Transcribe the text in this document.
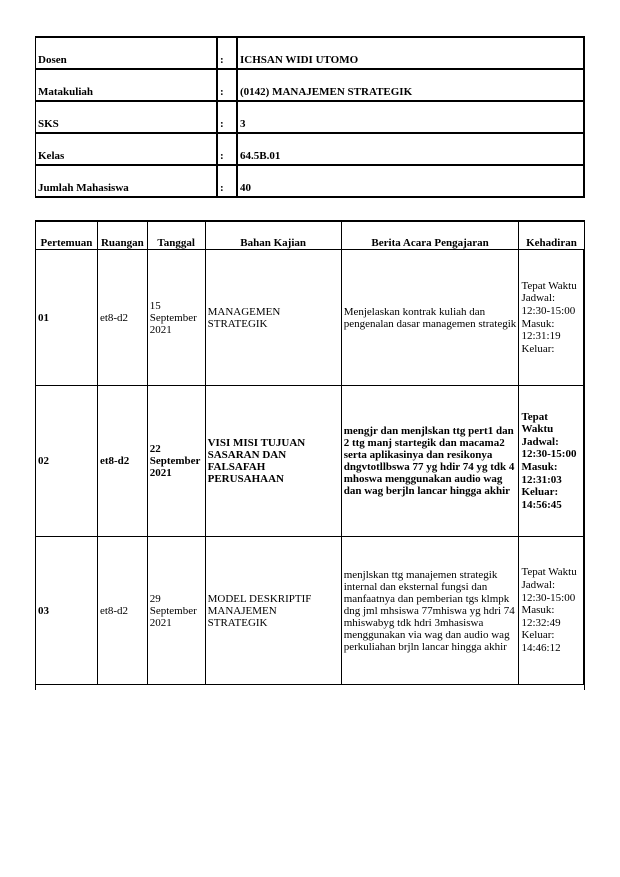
Dosen	:	ICHSAN WIDI UTOMO
Matakuliah	:	(0142) MANAJEMEN STRATEGIK
SKS	:	3
Kelas	:	64.5B.01
Jumlah Mahasiswa	:	40
Pertemuan	Ruangan	Tanggal	Bahan Kajian	Berita Acara Pengajaran	Kehadiran
01	et8-d2	15 September 2021	MANAGEMEN STRATEGIK	Menjelaskan kontrak kuliah dan pengenalan dasar managemen strategik	Tepat Waktu Jadwal: 12:30-15:00 Masuk: 12:31:19 Keluar:
02	et8-d2	22 September 2021	VISI MISI TUJUAN SASARAN DAN FALSAFAH PERUSAHAAN	mengjr dan menjlskan ttg pert1 dan 2 ttg manj startegik dan macama2 serta aplikasinya dan resikonya dngvtotllbswa 77 yg hdir 74 yg tdk 4 mhoswa menggunakan audio wag dan wag berjln lancar hingga akhir	Tepat Waktu Jadwal: 12:30-15:00 Masuk: 12:31:03 Keluar: 14:56:45
03	et8-d2	29 September 2021	MODEL DESKRIPTIF MANAJEMEN STRATEGIK	menjlskan ttg manajemen strategik internal dan eksternal fungsi dan manfaatnya dan pemberian tgs klmpk dng jml mhsiswa 77mhiswa yg hdri 74 mhiswabyg tdk hdri 3mhasiswa menggunakan via wag dan audio wag perkuliahan brjln lancar hingga akhir	Tepat Waktu Jadwal: 12:30-15:00 Masuk: 12:32:49 Keluar: 14:46:12
